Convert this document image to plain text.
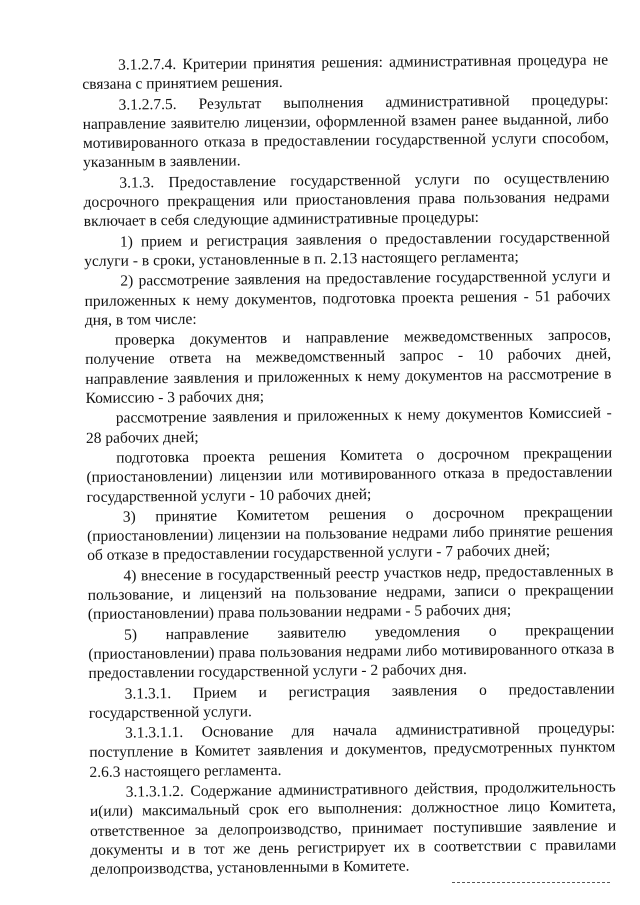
3.1.2.7.4. Критерии принятия решения: административная процедура не связана с принятием решения.

3.1.2.7.5. Результат выполнения административной процедуры: направление заявителю лицензии, оформленной взамен ранее выданной, либо мотивированного отказа в предоставлении государственной услуги способом, указанным в заявлении.

3.1.3. Предоставление государственной услуги по осуществлению досрочного прекращения или приостановления права пользования недрами включает в себя следующие административные процедуры:

1) прием и регистрация заявления о предоставлении государственной услуги - в сроки, установленные в п. 2.13 настоящего регламента;

2) рассмотрение заявления на предоставление государственной услуги и приложенных к нему документов, подготовка проекта решения - 51 рабочих дня, в том числе:

проверка документов и направление межведомственных запросов, получение ответа на межведомственный запрос - 10 рабочих дней, направление заявления и приложенных к нему документов на рассмотрение в Комиссию - 3 рабочих дня;

рассмотрение заявления и приложенных к нему документов Комиссией - 28 рабочих дней;

подготовка проекта решения Комитета о досрочном прекращении (приостановлении) лицензии или мотивированного отказа в предоставлении государственной услуги - 10 рабочих дней;

3) принятие Комитетом решения о досрочном прекращении (приостановлении) лицензии на пользование недрами либо принятие решения об отказе в предоставлении государственной услуги - 7 рабочих дней;

4) внесение в государственный реестр участков недр, предоставленных в пользование, и лицензий на пользование недрами, записи о прекращении (приостановлении) права пользовании недрами - 5 рабочих дня;

5) направление заявителю уведомления о прекращении (приостановлении) права пользования недрами либо мотивированного отказа в предоставлении государственной услуги - 2 рабочих дня.

3.1.3.1. Прием и регистрация заявления о предоставлении государственной услуги.

3.1.3.1.1. Основание для начала административной процедуры: поступление в Комитет заявления и документов, предусмотренных пунктом 2.6.3 настоящего регламента.

3.1.3.1.2. Содержание административного действия, продолжительность и(или) максимальный срок его выполнения: должностное лицо Комитета, ответственное за делопроизводство, принимает поступившие заявление и документы и в тот же день регистрирует их в соответствии с правилами делопроизводства, установленными в Комитете.
